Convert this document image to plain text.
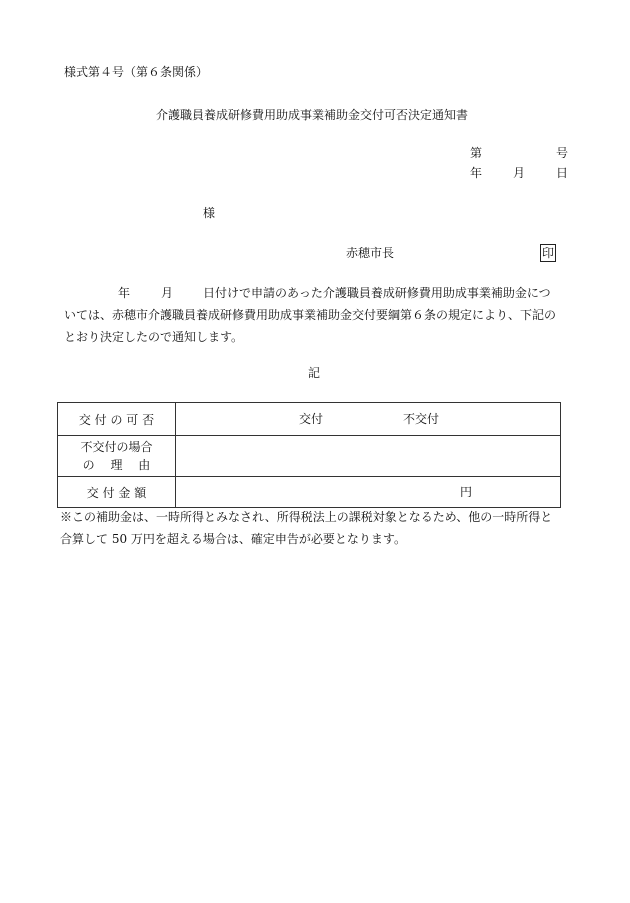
様式第４号（第６条関係）
介護職員養成研修費用助成事業補助金交付可否決定通知書
第	号
年	月	日
様
赤穂市長	印
年	月	日付けで申請のあった介護職員養成研修費用助成事業補助金につ
いては、赤穂市介護職員養成研修費用助成事業補助金交付要綱第６条の規定により、下記の
とおり決定したので通知します。
記
交 付 の 可 否	交付 不交付

不交付の場合
の　 理　 由	

交 付 金 額	円
※この補助金は、一時所得とみなされ、所得税法上の課税対象となるため、他の一時所得と
合算して 50 万円を超える場合は、確定申告が必要となります。
